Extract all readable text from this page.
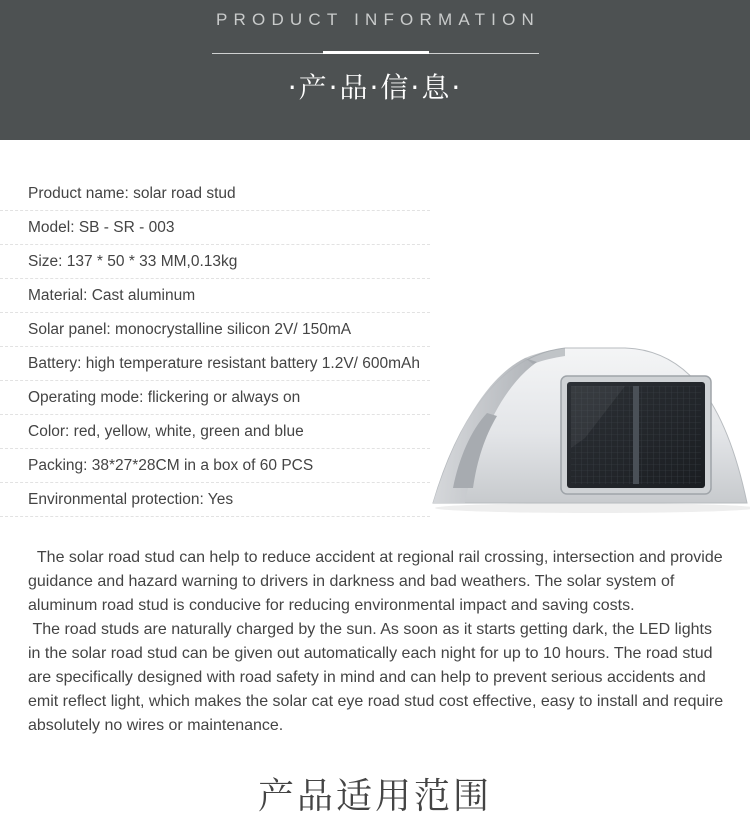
PRODUCT INFORMATION
·产·品·信·息·
Product name: solar road stud
Model: SB - SR - 003
Size: 137 * 50 * 33 MM,0.13kg
Material: Cast aluminum
Solar panel: monocrystalline silicon 2V/ 150mA
Battery: high temperature resistant battery 1.2V/ 600mAh
Operating mode: flickering or always on
Color: red, yellow, white, green and blue
Packing: 38*27*28CM in a box of 60 PCS
Environmental protection: Yes

The solar road stud can help to reduce accident at regional rail crossing, intersection and provide guidance and hazard warning to drivers in darkness and bad weathers. The solar system of aluminum road stud is conducive for reducing environmental impact and saving costs.

The road studs are naturally charged by the sun. As soon as it starts getting dark, the LED lights in the solar road stud can be given out automatically each night for up to 10 hours. The road stud are specifically designed with road safety in mind and can help to prevent serious accidents and emit reflect light, which makes the solar cat eye road stud cost effective, easy to install and require absolutely no wires or maintenance.

产品适用范围
